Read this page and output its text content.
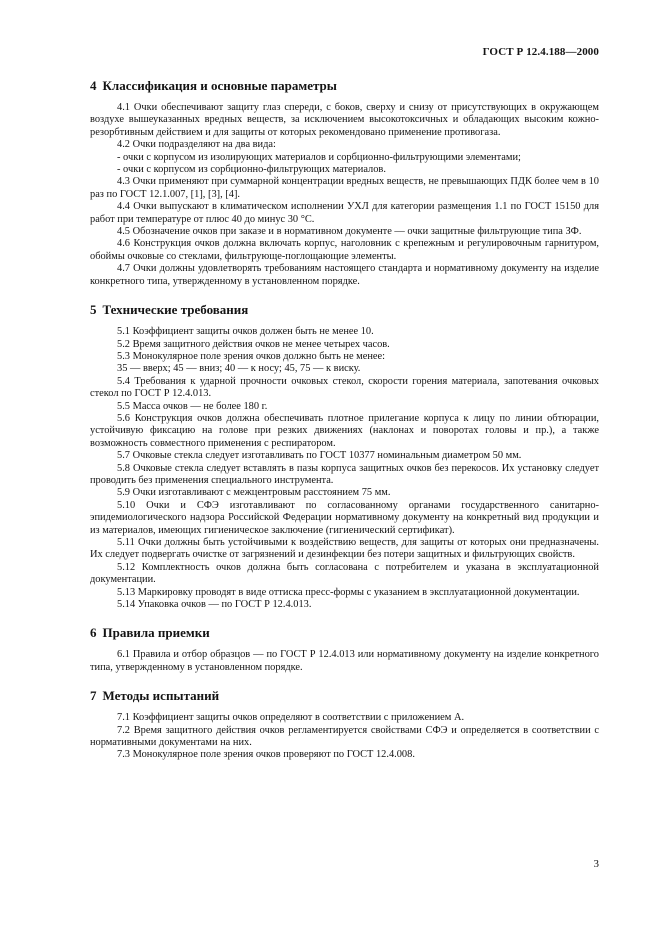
ГОСТ Р 12.4.188—2000
4 Классификация и основные параметры

4.1 Очки обеспечивают защиту глаз спереди, с боков, сверху и снизу от присутствующих в окружающем воздухе вышеуказанных вредных веществ, за исключением высокотоксичных и обладающих высоким кожно-резорбтивным действием и для защиты от которых рекомендовано применение противогаза.

4.2 Очки подразделяют на два вида:

- очки с корпусом из изолирующих материалов и сорбционно-фильтрующими элементами;

- очки с корпусом из сорбционно-фильтрующих материалов.

4.3 Очки применяют при суммарной концентрации вредных веществ, не превышающих ПДК более чем в 10 раз по ГОСТ 12.1.007, [1], [3], [4].

4.4 Очки выпускают в климатическом исполнении УХЛ для категории размещения 1.1 по ГОСТ 15150 для работ при температуре от плюс 40 до минус 30 °С.

4.5 Обозначение очков при заказе и в нормативном документе — очки защитные фильтрующие типа ЗФ.

4.6 Конструкция очков должна включать корпус, наголовник с крепежным и регулировочным гарнитуром, обоймы очковые со стеклами, фильтрующе-поглощающие элементы.

4.7 Очки должны удовлетворять требованиям настоящего стандарта и нормативному документу на изделие конкретного типа, утвержденному в установленном порядке.

5 Технические требования

5.1 Коэффициент защиты очков должен быть не менее 10.

5.2 Время защитного действия очков не менее четырех часов.

5.3 Монокулярное поле зрения очков должно быть не менее:

35 — вверх; 45 — вниз; 40 — к носу; 45, 75 — к виску.

5.4 Требования к ударной прочности очковых стекол, скорости горения материала, запотевания очковых стекол по ГОСТ Р 12.4.013.

5.5 Масса очков — не более 180 г.

5.6 Конструкция очков должна обеспечивать плотное прилегание корпуса к лицу по линии обтюрации, устойчивую фиксацию на голове при резких движениях (наклонах и поворотах головы и пр.), а также возможность совместного применения с респиратором.

5.7 Очковые стекла следует изготавливать по ГОСТ 10377 номинальным диаметром 50 мм.

5.8 Очковые стекла следует вставлять в пазы корпуса защитных очков без перекосов. Их установку следует проводить без применения специального инструмента.

5.9 Очки изготавливают с межцентровым расстоянием 75 мм.

5.10 Очки и СФЭ изготавливают по согласованному органами государственного санитарно-эпидемиологического надзора Российской Федерации нормативному документу на конкретный вид продукции и из материалов, имеющих гигиеническое заключение (гигиенический сертификат).

5.11 Очки должны быть устойчивыми к воздействию веществ, для защиты от которых они предназначены. Их следует подвергать очистке от загрязнений и дезинфекции без потери защитных и фильтрующих свойств.

5.12 Комплектность очков должна быть согласована с потребителем и указана в эксплуатационной документации.

5.13 Маркировку проводят в виде оттиска пресс-формы с указанием в эксплуатационной документации.

5.14 Упаковка очков — по ГОСТ Р 12.4.013.

6 Правила приемки

6.1 Правила и отбор образцов — по ГОСТ Р 12.4.013 или нормативному документу на изделие конкретного типа, утвержденному в установленном порядке.

7 Методы испытаний

7.1 Коэффициент защиты очков определяют в соответствии с приложением А.

7.2 Время защитного действия очков регламентируется свойствами СФЭ и определяется в соответствии с нормативными документами на них.

7.3 Монокулярное поле зрения очков проверяют по ГОСТ 12.4.008.

3
